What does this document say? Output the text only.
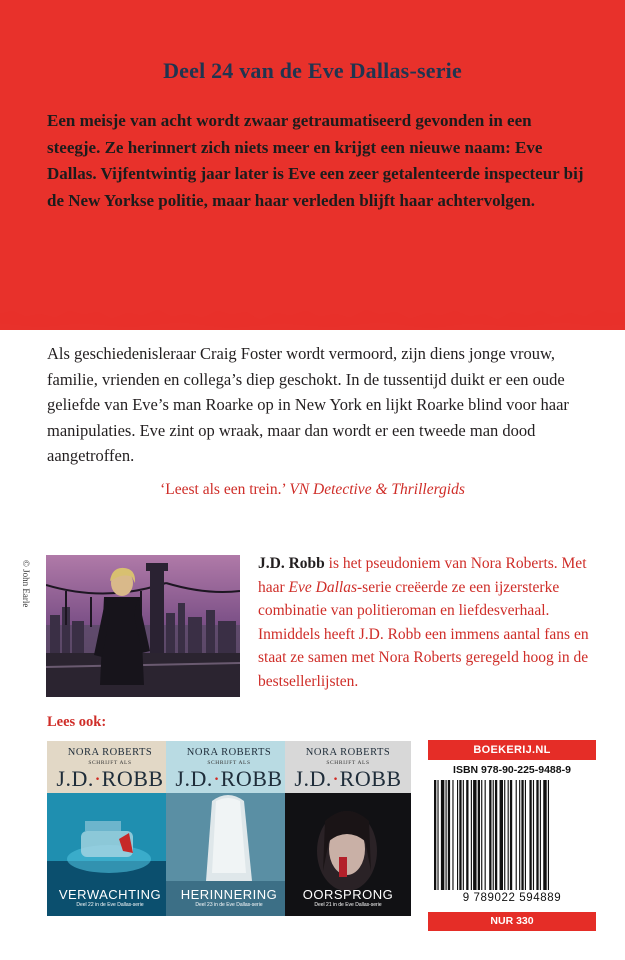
Deel 24 van de Eve Dallas-serie
Een meisje van acht wordt zwaar getraumatiseerd gevonden in een steegje. Ze herinnert zich niets meer en krijgt een nieuwe naam: Eve Dallas. Vijfentwintig jaar later is Eve een zeer getalenteerde inspecteur bij de New Yorkse politie, maar haar verleden blijft haar achtervolgen.
Als geschiedenisleraar Craig Foster wordt vermoord, zijn diens jonge vrouw, familie, vrienden en collega’s diep geschokt. In de tussentijd duikt er een oude geliefde van Eve’s man Roarke op in New York en lijkt Roarke blind voor haar manipulaties. Eve zint op wraak, maar dan wordt er een tweede man dood aangetroffen.
‘Leest als een trein.’ VN Detective & Thrillergids
© John Earle	J.D. Robb is het pseudoniem van Nora Roberts. Met haar Eve Dallas-serie creëerde ze een ijzersterke combinatie van politieroman en liefdesverhaal. Inmiddels heeft J.D. Robb een immens aantal fans en staat ze samen met Nora Roberts geregeld hoog in de bestsellerlijsten.
Lees ook:
NORA ROBERTS
SCHRIJFT ALS
J.D.·ROBB
VERWACHTING
Deel 22 in de Eve Dallas-serie
NORA ROBERTS
SCHRIJFT ALS
J.D.·ROBB
HERINNERING
Deel 23 in de Eve Dallas-serie
NORA ROBERTS
SCHRIJFT ALS
J.D.·ROBB
OORSPRONG
Deel 21 in de Eve Dallas-serie
BOEKERIJ.NL
ISBN 978-90-225-9488-9
9 789022 594889
NUR 330
